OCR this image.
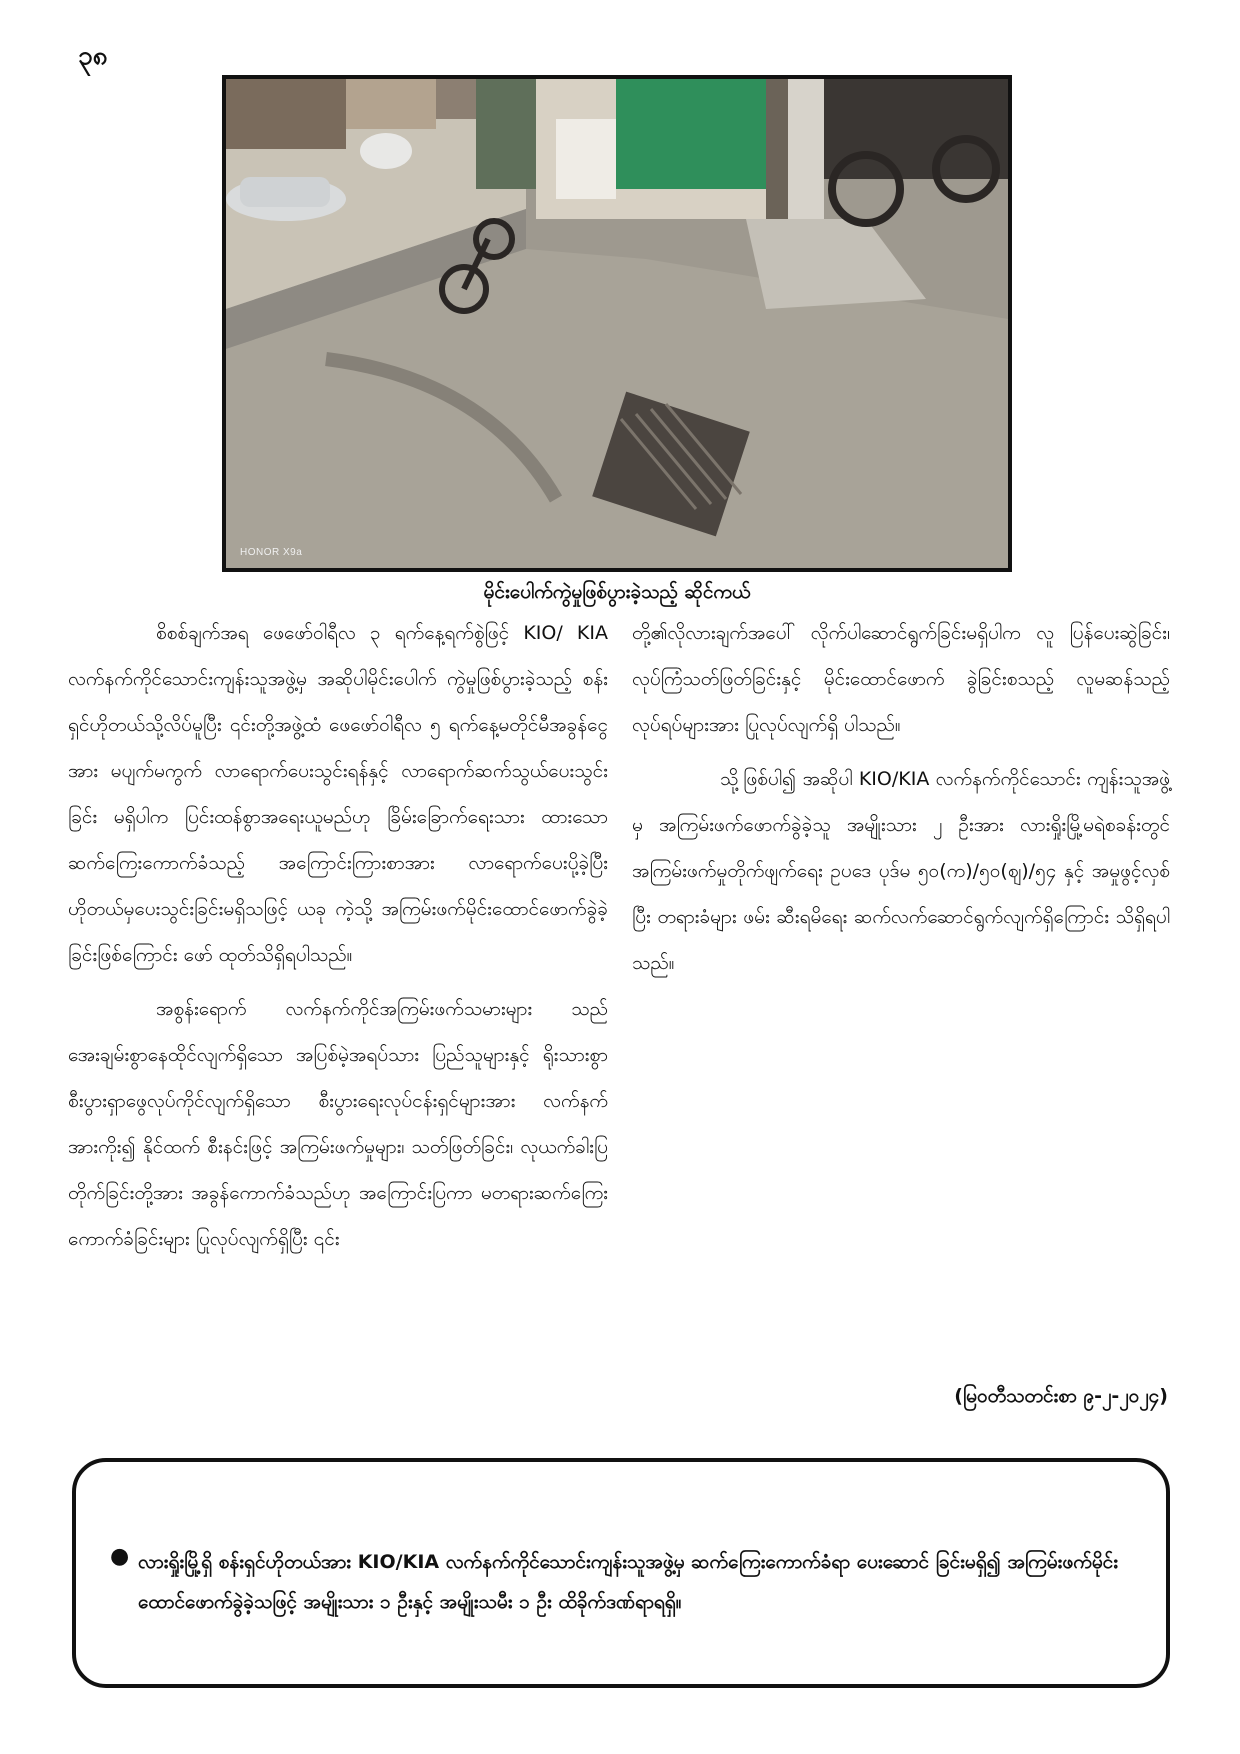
၃၈
HONOR X9a
မိုင်းပေါက်ကွဲမှုဖြစ်ပွားခဲ့သည့် ဆိုင်ကယ်

စိစစ်ချက်အရ ဖေဖော်ဝါရီလ ၃ ရက်နေ့ရက်စွဲဖြင့် KIO/ KIA လက်နက်ကိုင်သောင်းကျန်းသူအဖွဲ့မှ အဆိုပါမိုင်းပေါက် ကွဲမှုဖြစ်ပွားခဲ့သည့် စန်းရှင်ဟိုတယ်သို့လိပ်မူပြီး ၎င်းတို့အဖွဲ့ထံ ဖေဖော်ဝါရီလ ၅ ရက်နေ့မတိုင်မီအခွန်ငွေအား မပျက်မကွက် လာရောက်ပေးသွင်းရန်နှင့် လာရောက်ဆက်သွယ်ပေးသွင်းခြင်း မရှိပါက ပြင်းထန်စွာအရေးယူမည်ဟု ခြိမ်းခြောက်ရေးသား ထားသော ဆက်ကြေးကောက်ခံသည့် အကြောင်းကြားစာအား လာရောက်ပေးပို့ခဲ့ပြီး ဟိုတယ်မှပေးသွင်းခြင်းမရှိသဖြင့် ယခု ကဲ့သို့ အကြမ်းဖက်မိုင်းထောင်ဖောက်ခွဲခဲ့ခြင်းဖြစ်ကြောင်း ဖော် ထုတ်သိရှိရပါသည်။

အစွန်းရောက် လက်နက်ကိုင်အကြမ်းဖက်သမားများ သည် အေးချမ်းစွာနေထိုင်လျက်ရှိသော အပြစ်မဲ့အရပ်သား ပြည်သူများနှင့် ရိုးသားစွာ စီးပွားရှာဖွေလုပ်ကိုင်လျက်ရှိသော စီးပွားရေးလုပ်ငန်းရှင်များအား လက်နက်အားကိုး၍ နိုင်ထက် စီးနင်းဖြင့် အကြမ်းဖက်မှုများ၊ သတ်ဖြတ်ခြင်း၊ လုယက်ခါးပြ တိုက်ခြင်းတို့အား အခွန်ကောက်ခံသည်ဟု အကြောင်းပြကာ မတရားဆက်ကြေးကောက်ခံခြင်းများ ပြုလုပ်လျက်ရှိပြီး ၎င်း

တို့၏လိုလားချက်အပေါ် လိုက်ပါဆောင်ရွက်ခြင်းမရှိပါက လူ ပြန်ပေးဆွဲခြင်း၊ လုပ်ကြံသတ်ဖြတ်ခြင်းနှင့် မိုင်းထောင်ဖောက် ခွဲခြင်းစသည့် လူမဆန်သည့် လုပ်ရပ်များအား ပြုလုပ်လျက်ရှိ ပါသည်။

သို့ဖြစ်ပါ၍ အဆိုပါ KIO/KIA လက်နက်ကိုင်သောင်း ကျန်းသူအဖွဲ့မှ အကြမ်းဖက်ဖောက်ခွဲခဲ့သူ အမျိုးသား ၂ ဦးအား လားရှိုးမြို့မရဲစခန်းတွင် အကြမ်းဖက်မှုတိုက်ဖျက်ရေး ဥပဒေ ပုဒ်မ ၅၀(က)/၅၀(ဈ)/၅၄ နှင့် အမှုဖွင့်လှစ်ပြီး တရားခံများ ဖမ်း ဆီးရမိရေး ဆက်လက်ဆောင်ရွက်လျက်ရှိကြောင်း သိရှိရပါ သည်။

(မြဝတီသတင်းစာ ၉-၂-၂၀၂၄)
● လားရှိုးမြို့ရှိ စန်းရှင်ဟိုတယ်အား KIO/KIA လက်နက်ကိုင်သောင်းကျန်းသူအဖွဲ့မှ ဆက်ကြေးကောက်ခံရာ ပေးဆောင် ခြင်းမရှိ၍ အကြမ်းဖက်မိုင်းထောင်ဖောက်ခွဲခဲ့သဖြင့် အမျိုးသား ၁ ဦးနှင့် အမျိုးသမီး ၁ ဦး ထိခိုက်ဒဏ်ရာရရှိ။
